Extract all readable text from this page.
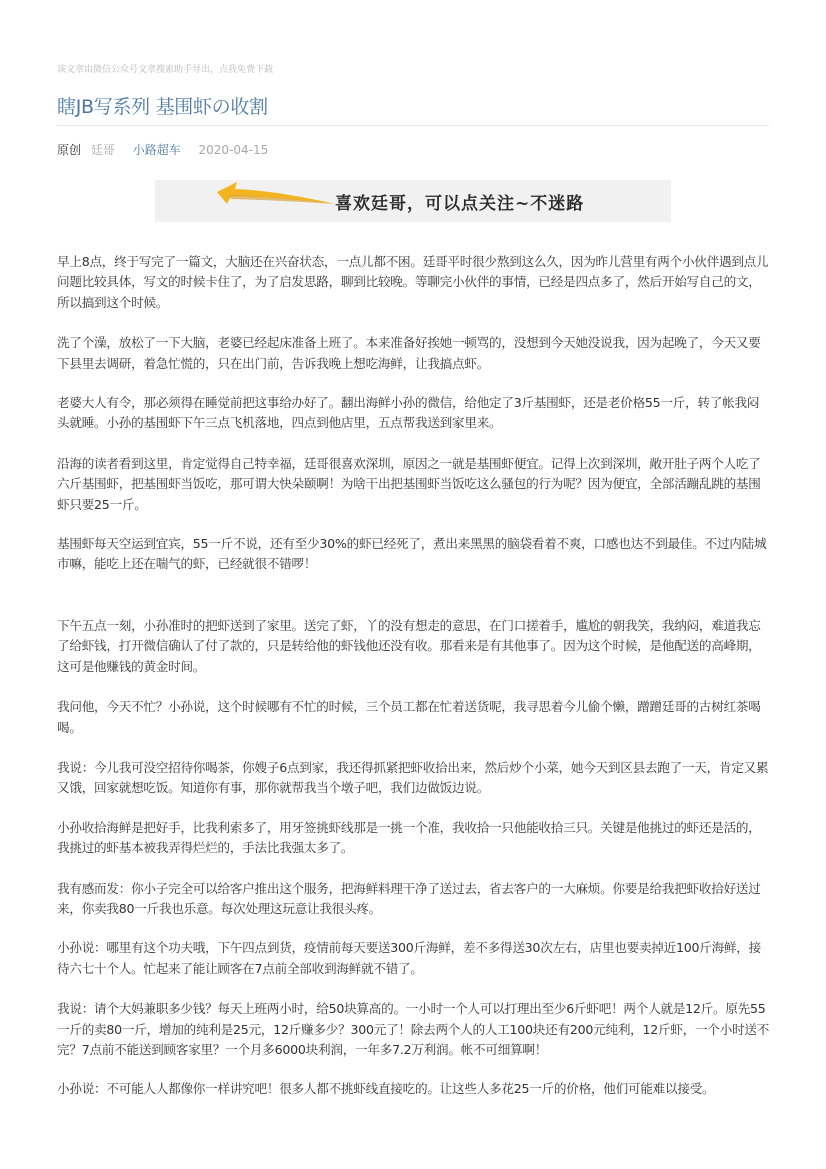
该文章由微信公众号文章搜索助手导出，点我免费下载
瞎JB写系列 基围虾の收割
原创 廷哥 小路超车 2020-04-15
喜欢廷哥，可以点关注~不迷路

早上8点，终于写完了一篇文，大脑还在兴奋状态，一点儿都不困。廷哥平时很少熬到这么久，因为昨儿营里有两个小伙伴遇到点儿问题比较具体，写文的时候卡住了，为了启发思路，聊到比较晚。等聊完小伙伴的事情，已经是四点多了，然后开始写自己的文，所以搞到这个时候。

洗了个澡，放松了一下大脑，老婆已经起床准备上班了。本来准备好挨她一顿骂的，没想到今天她没说我，因为起晚了，今天又要下县里去调研，着急忙慌的，只在出门前，告诉我晚上想吃海鲜，让我搞点虾。

老婆大人有令，那必须得在睡觉前把这事给办好了。翻出海鲜小孙的微信，给他定了3斤基围虾，还是老价格55一斤，转了帐我闷头就睡。小孙的基围虾下午三点飞机落地，四点到他店里，五点帮我送到家里来。

沿海的读者看到这里，肯定觉得自己特幸福，廷哥很喜欢深圳，原因之一就是基围虾便宜。记得上次到深圳，敞开肚子两个人吃了六斤基围虾，把基围虾当饭吃，那可谓大快朵颐啊！为啥干出把基围虾当饭吃这么骚包的行为呢？因为便宜，全部活蹦乱跳的基围虾只要25一斤。

基围虾每天空运到宜宾，55一斤不说，还有至少30%的虾已经死了，煮出来黑黑的脑袋看着不爽，口感也达不到最佳。不过内陆城市嘛，能吃上还在喘气的虾，已经就很不错啰！

下午五点一刻，小孙准时的把虾送到了家里。送完了虾，丫的没有想走的意思，在门口搓着手，尴尬的朝我笑，我纳闷，难道我忘了给虾钱，打开微信确认了付了款的，只是转给他的虾钱他还没有收。那看来是有其他事了。因为这个时候，是他配送的高峰期，这可是他赚钱的黄金时间。

我问他，今天不忙？小孙说，这个时候哪有不忙的时候，三个员工都在忙着送货呢，我寻思着今儿偷个懒，蹭蹭廷哥的古树红茶喝喝。

我说：今儿我可没空招待你喝茶，你嫂子6点到家，我还得抓紧把虾收拾出来，然后炒个小菜，她今天到区县去跑了一天，肯定又累又饿，回家就想吃饭。知道你有事，那你就帮我当个墩子吧，我们边做饭边说。

小孙收拾海鲜是把好手，比我利索多了，用牙签挑虾线那是一挑一个准，我收拾一只他能收拾三只。关键是他挑过的虾还是活的，我挑过的虾基本被我弄得烂烂的，手法比我强太多了。

我有感而发：你小子完全可以给客户推出这个服务，把海鲜料理干净了送过去，省去客户的一大麻烦。你要是给我把虾收拾好送过来，你卖我80一斤我也乐意。每次处理这玩意让我很头疼。

小孙说：哪里有这个功夫哦，下午四点到货，疫情前每天要送300斤海鲜，差不多得送30次左右，店里也要卖掉近100斤海鲜，接待六七十个人。忙起来了能让顾客在7点前全部收到海鲜就不错了。

我说：请个大妈兼职多少钱？每天上班两小时，给50块算高的。一小时一个人可以打理出至少6斤虾吧！两个人就是12斤。原先55一斤的卖80一斤，增加的纯利是25元，12斤赚多少？300元了！除去两个人的人工100块还有200元纯利，12斤虾，一个小时送不完？7点前不能送到顾客家里？一个月多6000块利润，一年多7.2万利润。帐不可细算啊！

小孙说：不可能人人都像你一样讲究吧！很多人都不挑虾线直接吃的。让这些人多花25一斤的价格，他们可能难以接受。
